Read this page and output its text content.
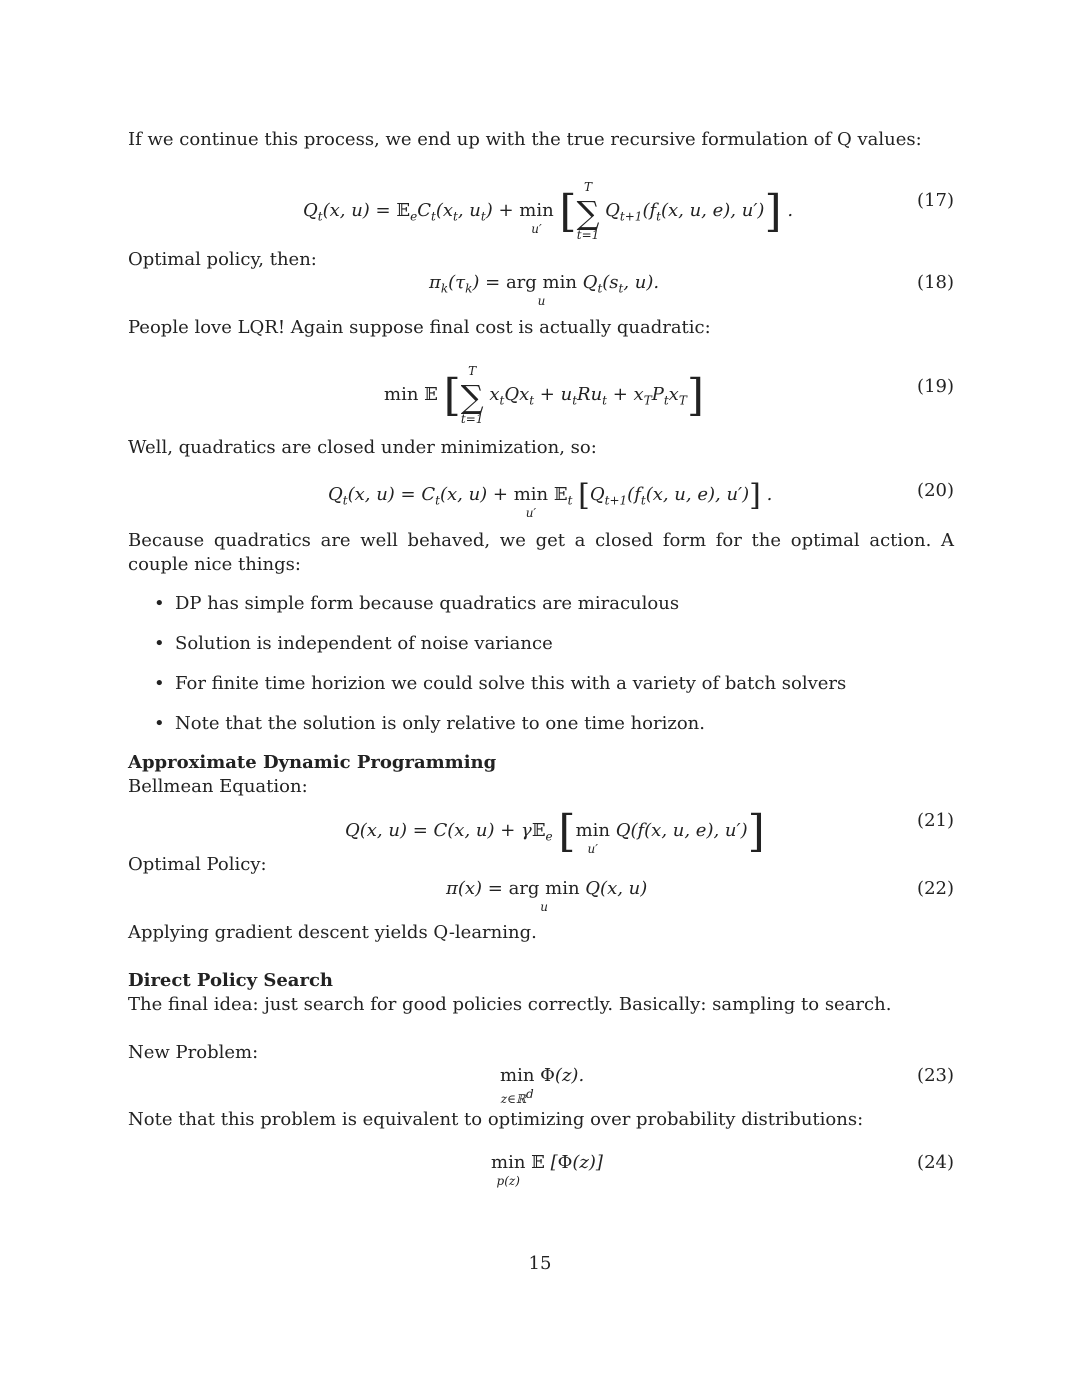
If we continue this process, we end up with the true recursive formulation of Q values:
$Q_t(x$, $u) = 𝔼_eC_t(x_t$, $u_t) + \min$
u′ [∑
T
t=1
$Q_{t+1}(f_t(x$, u, e), u′)] .	(17)
Optimal policy, then:
$\pi_k(\tau_k)$ = arg min
u
$Q_t(s_t$, u).	(18)
People love LQR! Again suppose final cost is actually quadratic:
min 𝔼 [∑
T
t=1
$x_tQx_t + u_tRu_t + x_TP_tx_T$]	(19)
Well, quadratics are closed under minimization, so:
$Q_t(x$, $u) = C_t(x$, u) + min
u′
𝔼$_t$ [$Q_{t+1}(f_t(x$, u, e), u′)] .	(20)
Because quadratics are well behaved, we get a closed form for the optimal action. A couple nice things:
• DP has simple form because quadratics are miraculous
• Solution is independent of noise variance
• For finite time horizion we could solve this with a variety of batch solvers
• Note that the solution is only relative to one time horizon.
Approximate Dynamic Programming
Bellmean Equation:
Q(x, u) = C(x, u) + γ𝔼$_e$ [min
u′
Q(f(x, u, e), u′)]	(21)
Optimal Policy:
π(x) = arg min
u
Q(x, u)	(22)
Applying gradient descent yields Q-learning.
Direct Policy Search
The final idea: just search for good policies correctly. Basically: sampling to search.
New Problem:
min
z∈ℝ$^d$
Φ(z).	(23)
Note that this problem is equivalent to optimizing over probability distributions:
min
p(z)
𝔼 [Φ(z)]	(24)
15
